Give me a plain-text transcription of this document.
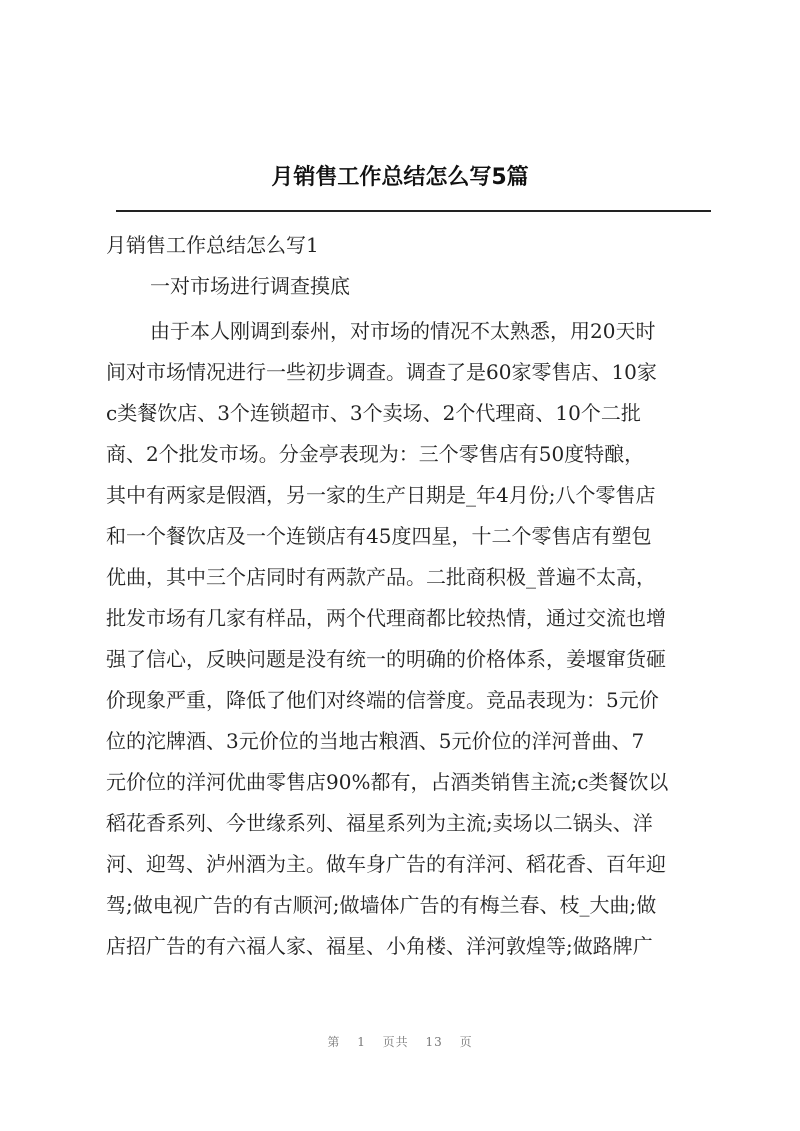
月销售工作总结怎么写5篇
月销售工作总结怎么写1
一对市场进行调查摸底
由于本人刚调到泰州，对市场的情况不太熟悉，用20天时
间对市场情况进行一些初步调查。调查了是60家零售店、10家
c类餐饮店、3个连锁超市、3个卖场、2个代理商、10个二批
商、2个批发市场。分金亭表现为：三个零售店有50度特酿，
其中有两家是假酒，另一家的生产日期是_年4月份;八个零售店
和一个餐饮店及一个连锁店有45度四星，十二个零售店有塑包
优曲，其中三个店同时有两款产品。二批商积极_普遍不太高，
批发市场有几家有样品，两个代理商都比较热情，通过交流也增
强了信心，反映问题是没有统一的明确的价格体系，姜堰窜货砸
价现象严重，降低了他们对终端的信誉度。竞品表现为：5元价
位的沱牌酒、3元价位的当地古粮酒、5元价位的洋河普曲、7
元价位的洋河优曲零售店90%都有，占酒类销售主流;c类餐饮以
稻花香系列、今世缘系列、福星系列为主流;卖场以二锅头、洋
河、迎驾、泸州酒为主。做车身广告的有洋河、稻花香、百年迎
驾;做电视广告的有古顺河;做墙体广告的有梅兰春、枝_大曲;做
店招广告的有六福人家、福星、小角楼、洋河敦煌等;做路牌广
第 1 页共 13 页
